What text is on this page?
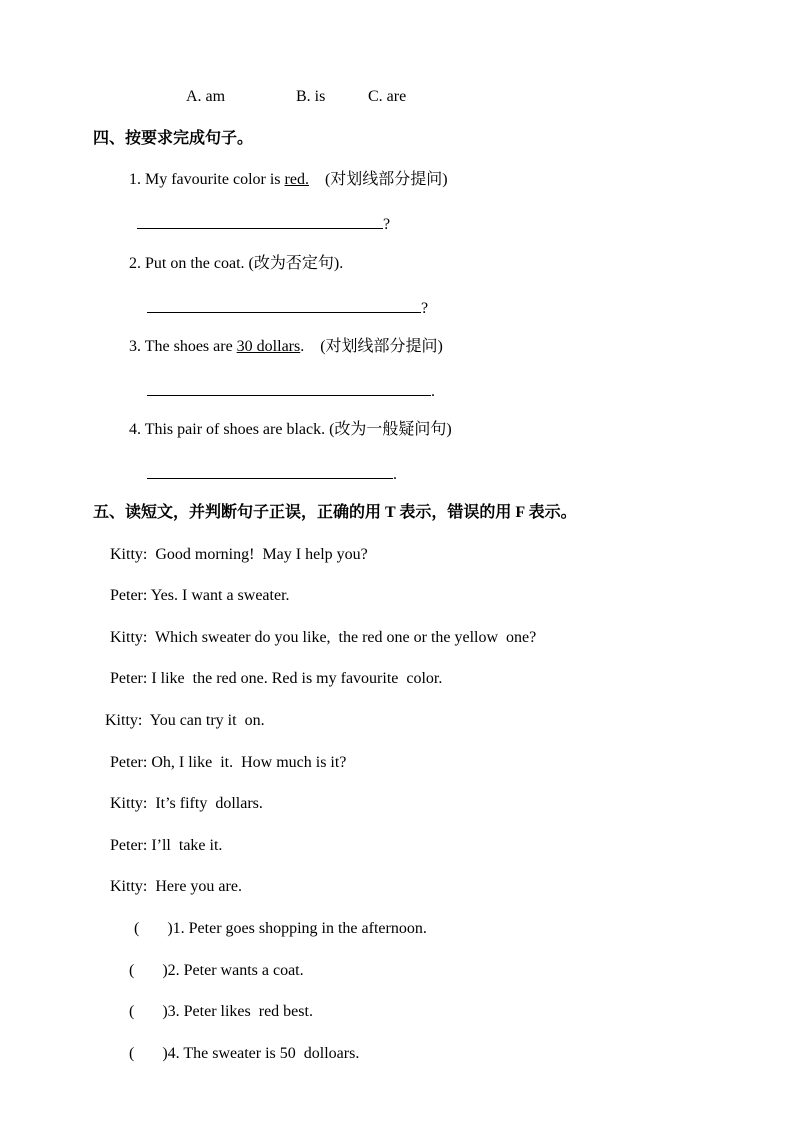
A. am	B. is	C. are
四、按要求完成句子。
1. My favourite color is red.    (对划线部分提问)
?
2. Put on the coat. (改为否定句).
?
3. The shoes are 30 dollars.    (对划线部分提问)
.
4. This pair of shoes are black. (改为一般疑问句)
.
五、读短文，并判断句子正误，正确的用 T 表示，错误的用 F 表示。
Kitty:  Good morning!  May I help you?
Peter: Yes. I want a sweater.
Kitty:  Which sweater do you like,  the red one or the yellow  one?
Peter: I like  the red one. Red is my favourite  color.
Kitty:  You can try it  on.
Peter: Oh, I like  it.  How much is it?
Kitty:  It’s fifty  dollars.
Peter: I’ll  take it.
Kitty:  Here you are.
(       )1. Peter goes shopping in the afternoon.
(       )2. Peter wants a coat.
(       )3. Peter likes  red best.
(       )4. The sweater is 50  dolloars.
